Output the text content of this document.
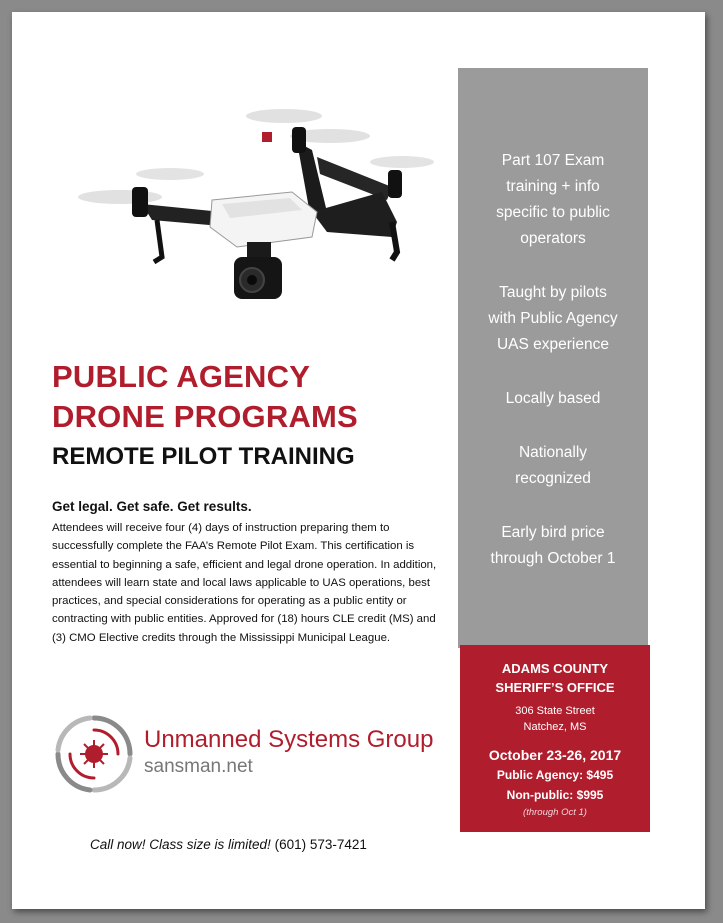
PUBLIC AGENCY
DRONE PROGRAMS
REMOTE PILOT TRAINING
Get legal. Get safe. Get results.
Attendees will receive four (4) days of instruction preparing them to successfully complete the FAA’s Remote Pilot Exam. This certification is essential to beginning a safe, efficient and legal drone operation. In addition, attendees will learn state and local laws applicable to UAS operations, best practices, and special considerations for operating as a public entity or contracting with public entities. Approved for (18) hours CLE credit (MS) and (3) CMO Elective credits through the Mississippi Municipal League.
Unmanned Systems Group
sansman.net
Call now! Class size is limited! (601) 573-7421
Part 107 Exam
training + info
specific to public
operators
Taught by pilots
with Public Agency
UAS experience
Locally based
Nationally
recognized
Early bird price
through October 1
ADAMS COUNTY
SHERIFF’S OFFICE
306 State Street
Natchez, MS
October 23-26, 2017
Public Agency: $495
Non-public: $995
(through Oct 1)
